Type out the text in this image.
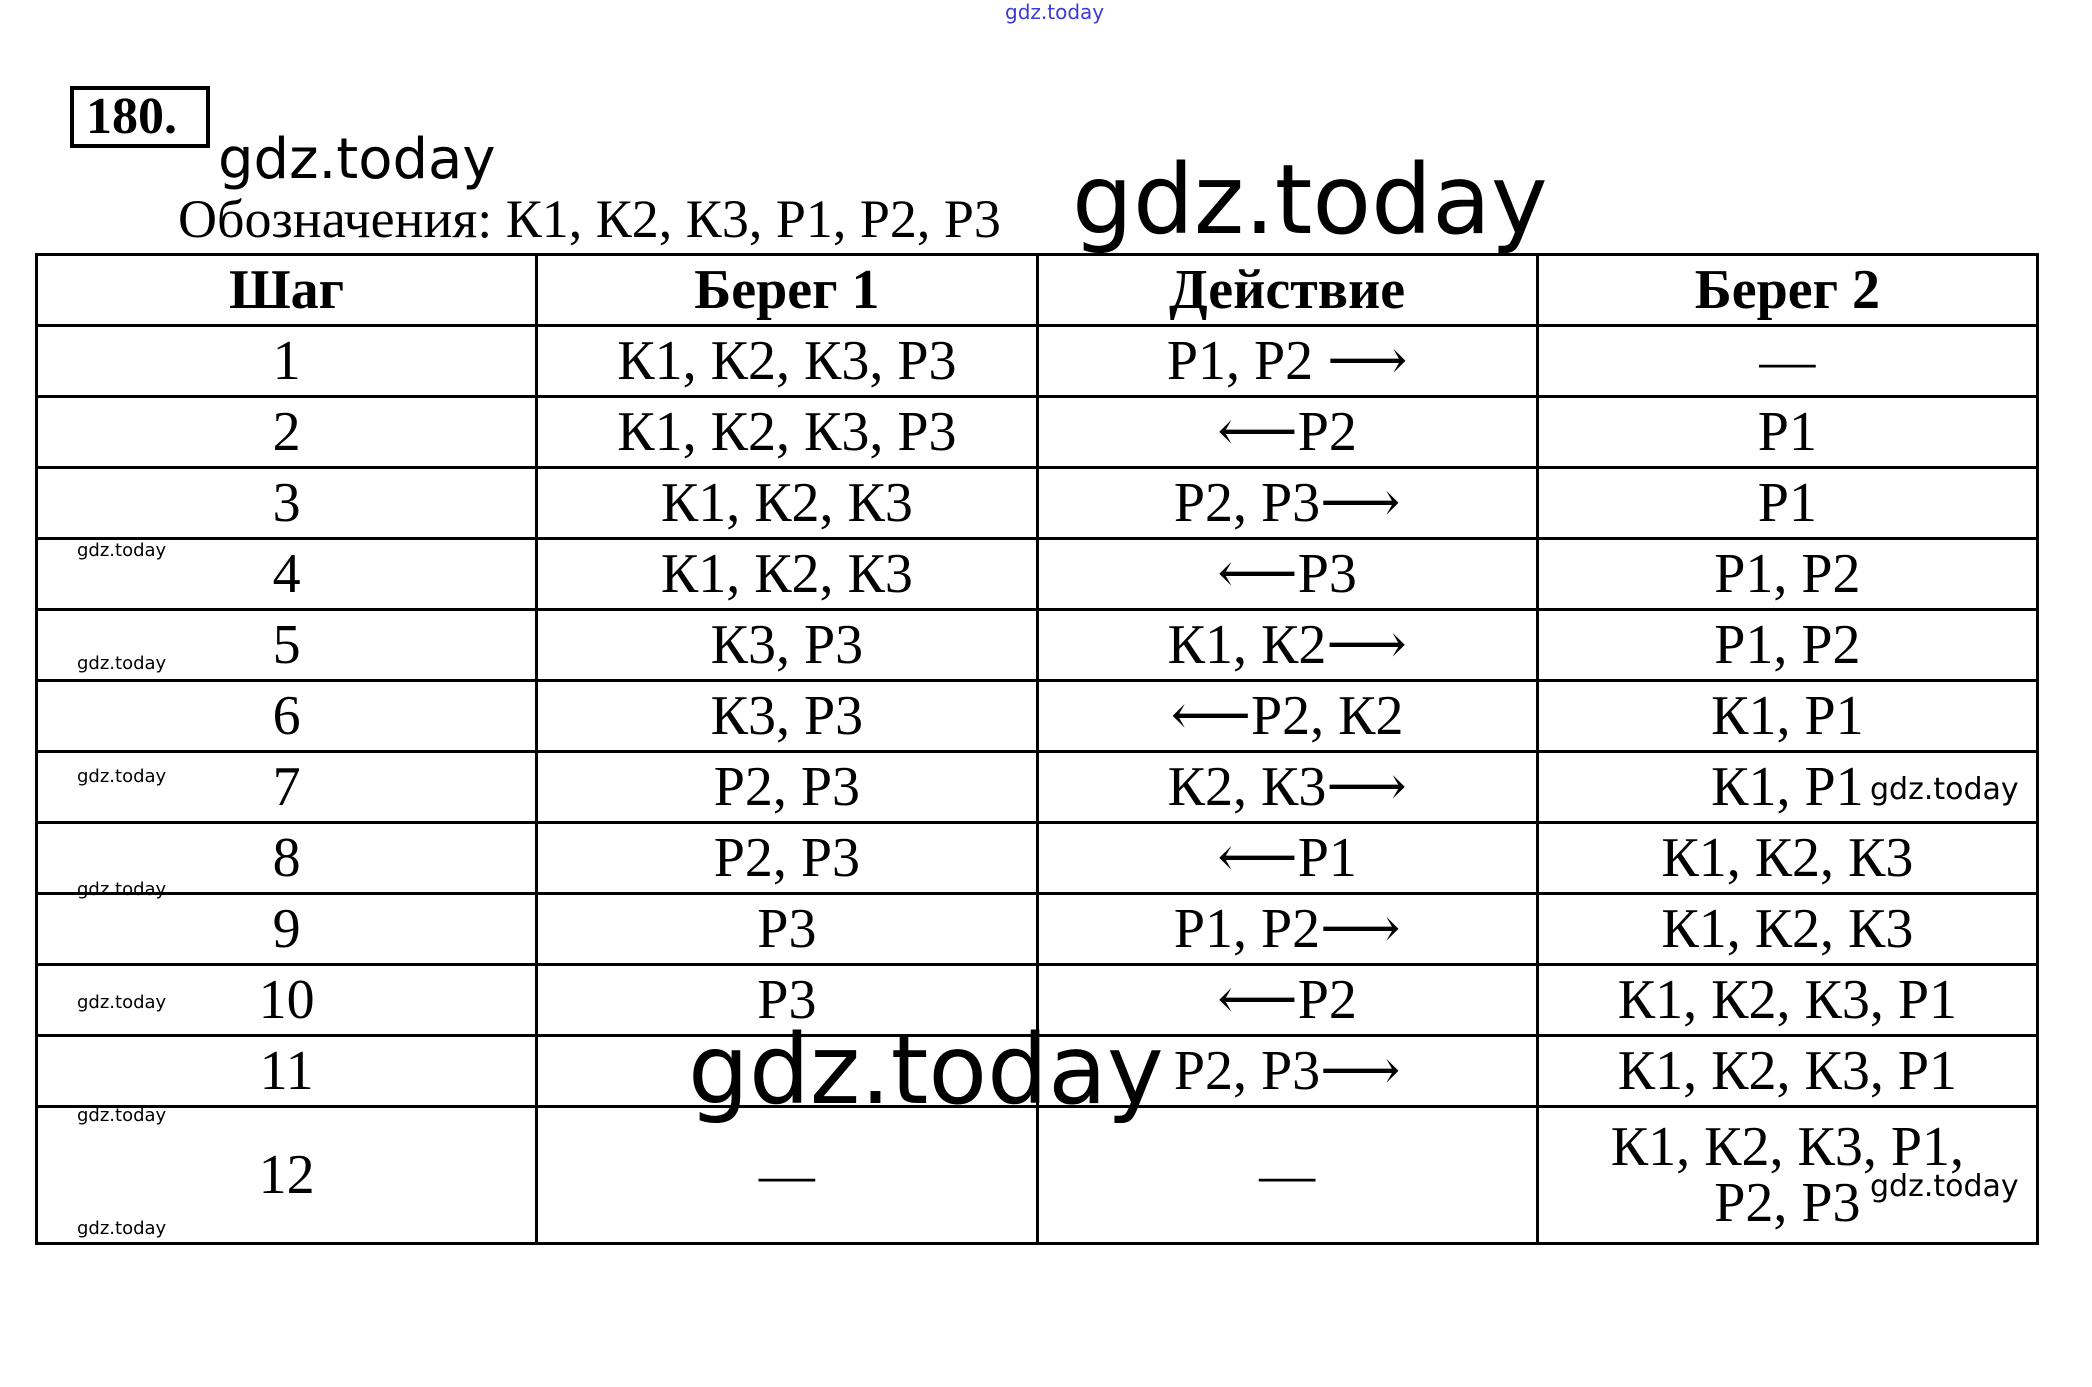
gdz.today
180.
gdz.today
Обозначения: К1, К2, К3, Р1, Р2, Р3 gdz.today
Шаг	Берег 1	Действие	Берег 2
1	К1, К2, К3, Р3	Р1, Р2 ⟶	—
2	К1, К2, К3, Р3	⟵Р2	Р1
3	К1, К2, К3	Р2, Р3⟶	Р1
4	К1, К2, К3	⟵Р3	Р1, Р2
5	К3, Р3	К1, К2⟶	Р1, Р2
6	К3, Р3	⟵Р2, К2	К1, Р1
7	Р2, Р3	К2, К3⟶	К1, Р1
8	Р2, Р3	⟵Р1	К1, К2, К3
9	Р3	Р1, Р2⟶	К1, К2, К3
10	Р3	⟵Р2	К1, К2, К3, Р1
11		Р2, Р3⟶	К1, К2, К3, Р1
12	—	—	К1, К2, К3, Р1,
Р2, Р3
gdz.today
gdz.today
gdz.today
gdz.today
gdz.today
gdz.today
gdz.today
gdz.today
gdz.today
gdz.today
